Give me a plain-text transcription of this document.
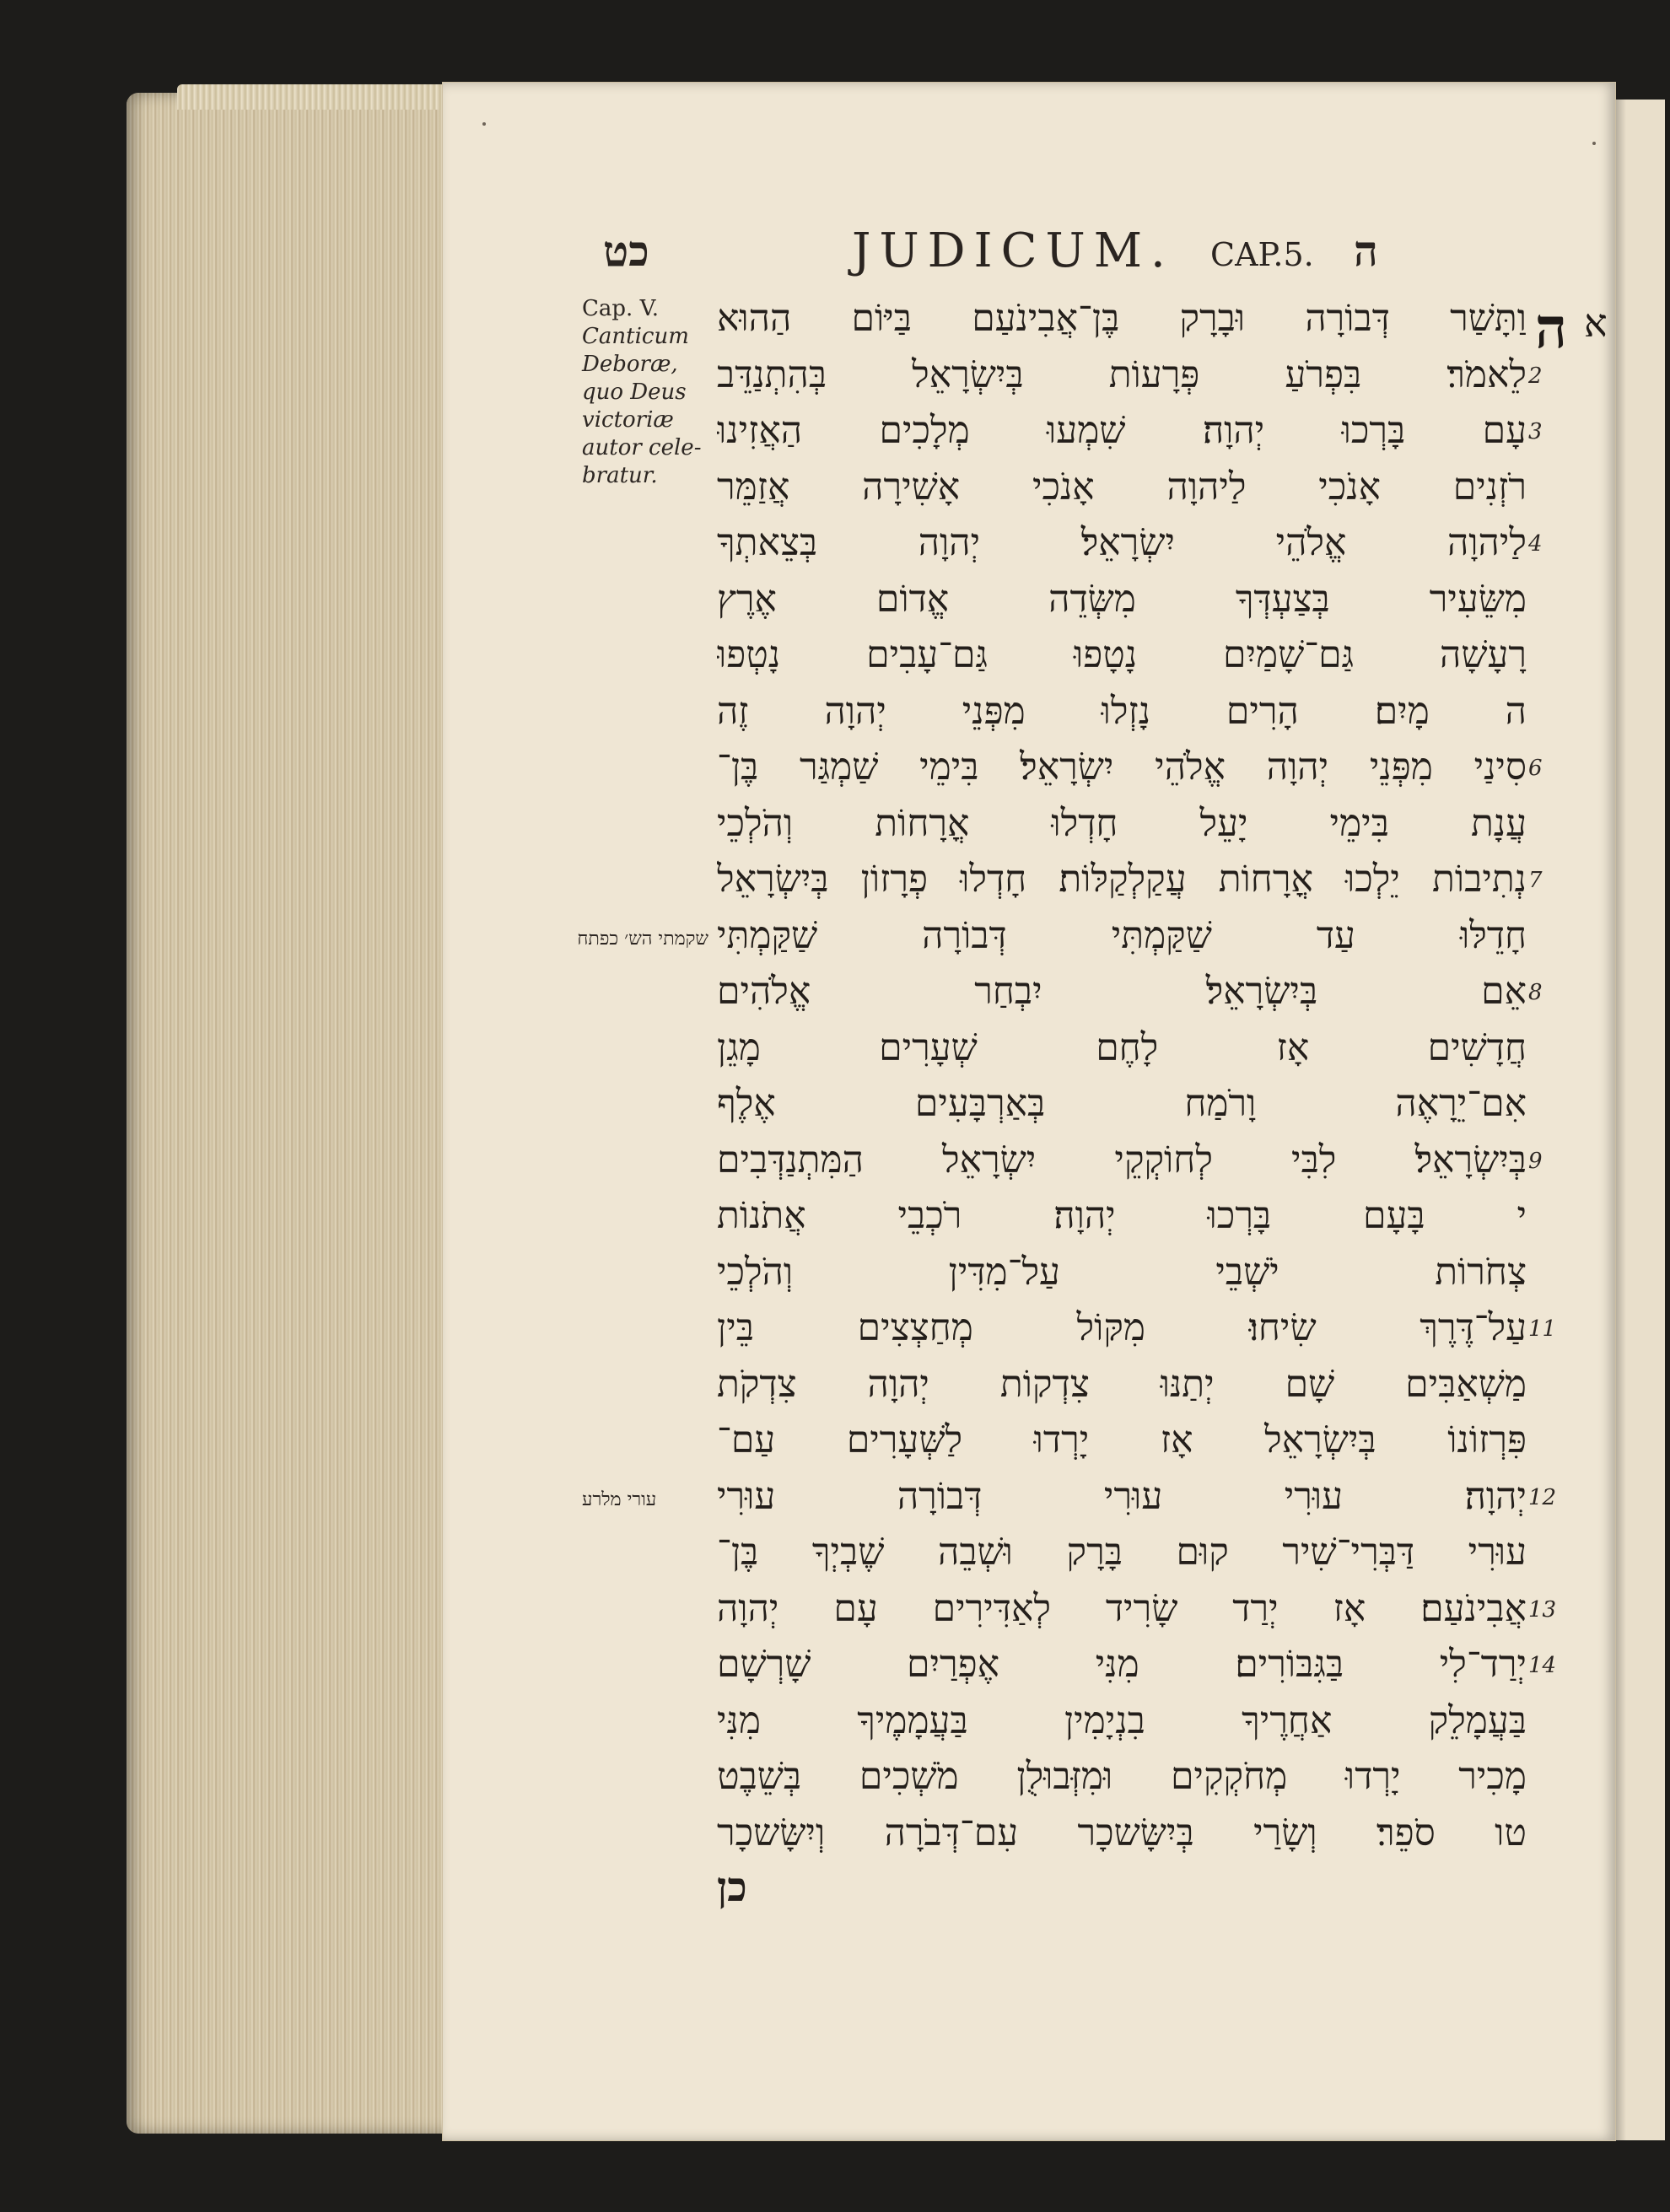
כט	JUDICUM. CAP.5. ה
Cap. V.
Canticum
Deboræ,
quo Deus
victoriæ
autor cele-
bratur.
ה א
וַתָּשַׁר דְּבוֹרָה וּבָרָק בֶּן־אֲבִינֹעַם בַּיּוֹם הַהוּא
לֵאמֹר׃ בִּפְרֹעַ פְּרָעוֹת בְּיִשְׂרָאֵל בְּהִתְנַדֵּב
עָם בָּרְכוּ יְהוָה׃ שִׁמְעוּ מְלָכִים הַאֲזִינוּ
רֹזְנִים אָנֹכִי לַיהוָה אָנֹכִי אָשִׁירָה אֲזַמֵּר
לַיהוָה אֱלֹהֵי יִשְׂרָאֵל׃ יְהוָה בְּצֵאתְךָ
מִשֵּׂעִיר בְּצַעְדְּךָ מִשְּׂדֵה אֱדוֹם אֶרֶץ
רָעָשָׁה גַּם־שָׁמַיִם נָטָפוּ גַּם־עָבִים נָטְפוּ
ה מָיִם׃ הָרִים נָזְלוּ מִפְּנֵי יְהוָה זֶה
סִינַי מִפְּנֵי יְהוָה אֱלֹהֵי יִשְׂרָאֵל׃ בִּימֵי שַׁמְגַּר בֶּן־
עֲנָת בִּימֵי יָעֵל חָדְלוּ אֳרָחוֹת וְהֹלְכֵי
נְתִיבוֹת יֵלְכוּ אֳרָחוֹת עֲקַלְקַלּוֹת׃ חָדְלוּ פְרָזוֹן בְּיִשְׂרָאֵל
חָדֵלּוּ עַד שַׁקַּמְתִּי דְּבוֹרָה שַׁקַּמְתִּי
אֵם בְּיִשְׂרָאֵל׃ יִבְחַר אֱלֹהִים
חֲדָשִׁים אָז לָחֶם שְׁעָרִים מָגֵן
אִם־יֵרָאֶה וָרֹמַח בְּאַרְבָּעִים אֶלֶף
בְּיִשְׂרָאֵל׃ לִבִּי לְחוֹקְקֵי יִשְׂרָאֵל הַמִּתְנַדְּבִים
י בָּעָם בָּרְכוּ יְהוָה׃ רֹכְבֵי אֲתֹנוֹת
צְחֹרוֹת יֹשְׁבֵי עַל־מִדִּין וְהֹלְכֵי
עַל־דֶּרֶךְ שִׂיחוּ׃ מִקּוֹל מְחַצְצִים בֵּין
מַשְׁאַבִּים שָׁם יְתַנּוּ צִדְקוֹת יְהוָה צִדְקֹת
פִּרְזוֹנוֹ בְּיִשְׂרָאֵל אָז יָרְדוּ לַשְּׁעָרִים עַם־
יְהוָה׃ עוּרִי עוּרִי דְּבוֹרָה עוּרִי
עוּרִי דַּבְּרִי־שִׁיר קוּם בָּרָק וּשְׁבֵה שֶׁבְיְךָ בֶּן־
אֲבִינֹעַם׃ אָז יְרַד שָׂרִיד לְאַדִּירִים עָם יְהוָה
יְרַד־לִי בַּגִּבּוֹרִים׃ מִנִּי אֶפְרַיִם שָׁרְשָׁם
בַּעֲמָלֵק אַחֲרֶיךָ בִנְיָמִין בַּעֲמָמֶיךָ מִנִּי
מָכִיר יָרְדוּ מְחֹקְקִים וּמִזְּבוּלֻן מֹשְׁכִים בְּשֵׁבֶט
טו סֹפֵר׃ וְשָׂרַי בְּיִשָּׂשכָר עִם־דְּבֹרָה וְיִשָּׂשכָר
2
3
4
6
7
8
9
11
12
13
14
שקמתי הש׳ כפתח
עורי מלרע
כן
